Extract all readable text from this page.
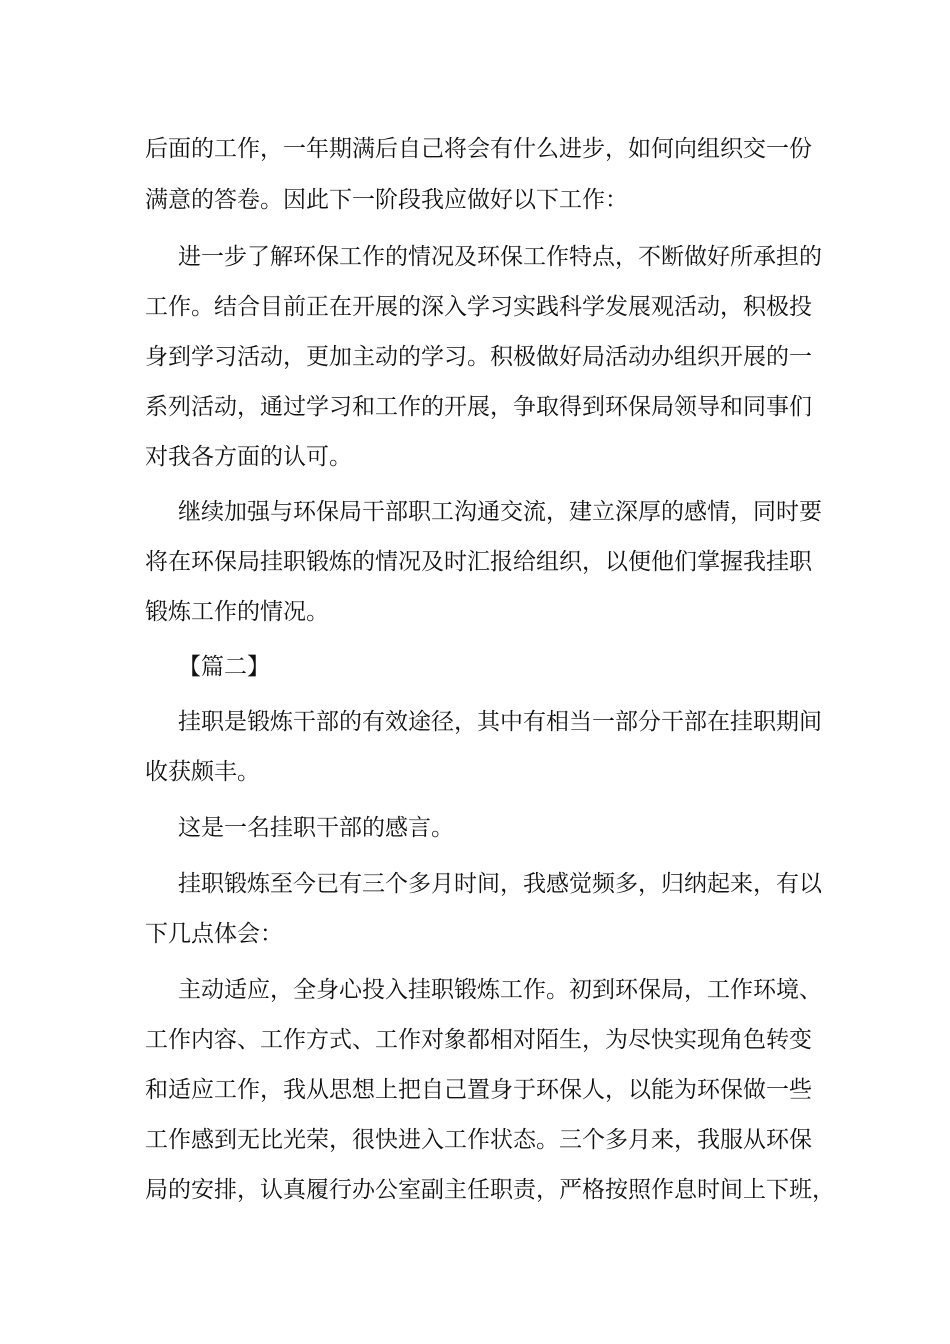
后面的工作，一年期满后自己将会有什么进步，如何向组织交一份
满意的答卷。因此下一阶段我应做好以下工作：
进一步了解环保工作的情况及环保工作特点，不断做好所承担的
工作。结合目前正在开展的深入学习实践科学发展观活动，积极投
身到学习活动，更加主动的学习。积极做好局活动办组织开展的一
系列活动，通过学习和工作的开展，争取得到环保局领导和同事们
对我各方面的认可。
继续加强与环保局干部职工沟通交流，建立深厚的感情，同时要
将在环保局挂职锻炼的情况及时汇报给组织，以便他们掌握我挂职
锻炼工作的情况。
【篇二】
挂职是锻炼干部的有效途径，其中有相当一部分干部在挂职期间
收获颇丰。
这是一名挂职干部的感言。
挂职锻炼至今已有三个多月时间，我感觉频多，归纳起来，有以
下几点体会：
主动适应，全身心投入挂职锻炼工作。初到环保局，工作环境、
工作内容、工作方式、工作对象都相对陌生，为尽快实现角色转变
和适应工作，我从思想上把自己置身于环保人，以能为环保做一些
工作感到无比光荣，很快进入工作状态。三个多月来，我服从环保
局的安排，认真履行办公室副主任职责，严格按照作息时间上下班，
